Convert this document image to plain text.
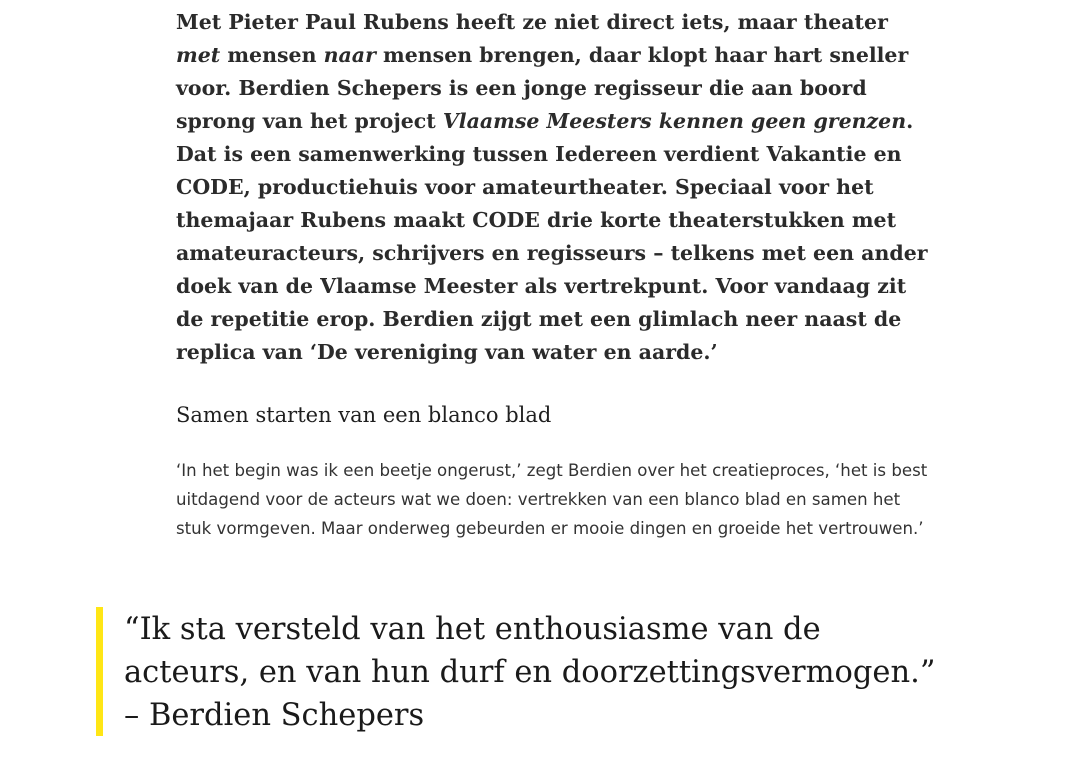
Met Pieter Paul Rubens heeft ze niet direct iets, maar theater met mensen naar mensen brengen, daar klopt haar hart sneller voor. Berdien Schepers is een jonge regisseur die aan boord sprong van het project Vlaamse Meesters kennen geen grenzen. Dat is een samenwerking tussen Iedereen verdient Vakantie en CODE, productiehuis voor amateurtheater. Speciaal voor het themajaar Rubens maakt CODE drie korte theaterstukken met amateuracteurs, schrijvers en regisseurs – telkens met een ander doek van de Vlaamse Meester als vertrekpunt. Voor vandaag zit de repetitie erop. Berdien zijgt met een glimlach neer naast de replica van ‘De vereniging van water en aarde.’

Samen starten van een blanco blad

‘In het begin was ik een beetje ongerust,’ zegt Berdien over het creatieproces, ‘het is best uitdagend voor de acteurs wat we doen: vertrekken van een blanco blad en samen het stuk vormgeven. Maar onderweg gebeurden er mooie dingen en groeide het vertrouwen.’

“Ik sta versteld van het enthousiasme van de
acteurs, en van hun durf en doorzettingsvermogen.”
– Berdien Schepers
